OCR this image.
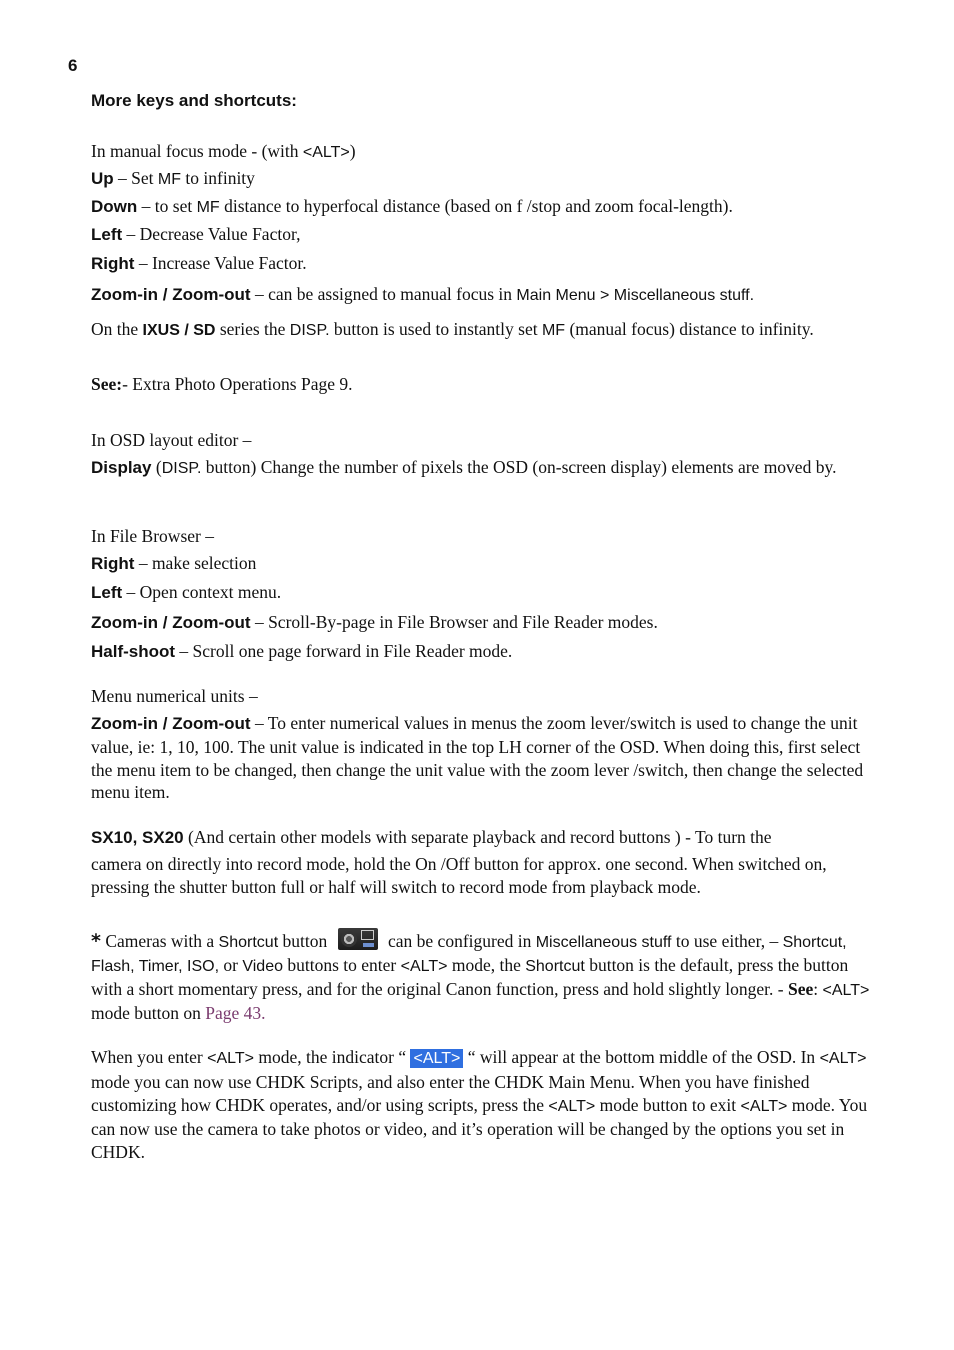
6
More keys and shortcuts:
In manual focus mode - (with <ALT>)
Up – Set MF to infinity
Down – to set MF distance to hyperfocal distance (based on f /stop and zoom focal-length).
Left – Decrease Value Factor,
Right – Increase Value Factor.
Zoom-in / Zoom-out – can be assigned to manual focus in Main Menu > Miscellaneous stuff.
On the IXUS / SD series the DISP. button is used to instantly set MF (manual focus) distance to infinity.
See:- Extra Photo Operations Page 9.
In OSD layout editor –
Display (DISP. button) Change the number of pixels the OSD (on-screen display) elements are moved by.
In File Browser –
Right – make selection
Left – Open context menu.
Zoom-in / Zoom-out – Scroll-By-page in File Browser and File Reader modes.
Half-shoot – Scroll one page forward in File Reader mode.
Menu numerical units –
Zoom-in / Zoom-out – To enter numerical values in menus the zoom lever/switch is used to change the unit value, ie: 1, 10, 100. The unit value is indicated in the top LH corner of the OSD. When doing this, first select the menu item to be changed, then change the unit value with the zoom lever /switch, then change the selected menu item.
SX10, SX20 (And certain other models with separate playback and record buttons ) - To turn the
camera on directly into record mode, hold the On /Off button for approx. one second. When switched on, pressing the shutter button full or half will switch to record mode from playback mode.
* Cameras with a Shortcut button	can be configured in Miscellaneous stuff to use either, – Shortcut, Flash, Timer, ISO, or Video buttons to enter <ALT> mode, the Shortcut button is the default, press the button with a short momentary press, and for the original Canon function, press and hold slightly longer. - See: <ALT> mode button on Page 43.
When you enter <ALT> mode, the indicator “ <ALT> “ will appear at the bottom middle of the OSD. In <ALT> mode you can now use CHDK Scripts, and also enter the CHDK Main Menu. When you have finished customizing how CHDK operates, and/or using scripts, press the <ALT> mode button to exit <ALT> mode. You can now use the camera to take photos or video, and it’s operation will be changed by the options you set in CHDK.
